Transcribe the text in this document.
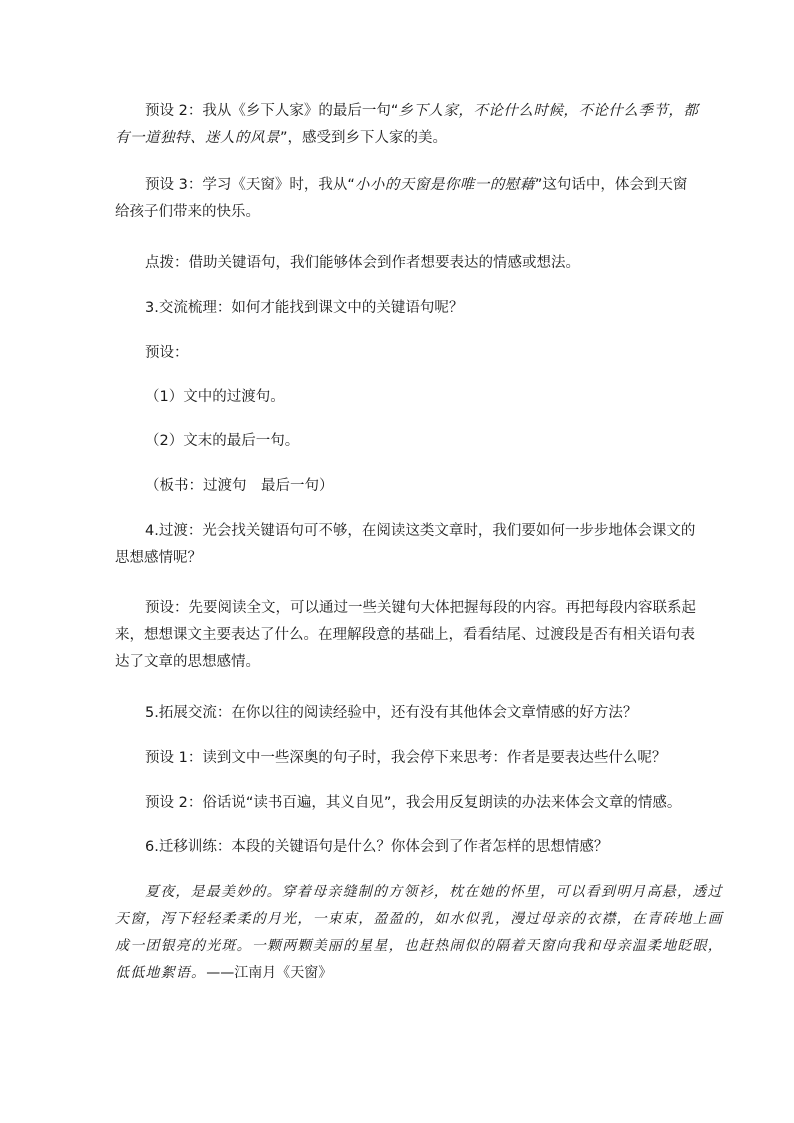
预设 2：我从《乡下人家》的最后一句“乡下人家，不论什么时候，不论什么季节，都
有一道独特、迷人的风景”，感受到乡下人家的美。
预设 3：学习《天窗》时，我从“小小的天窗是你唯一的慰藉”这句话中，体会到天窗
给孩子们带来的快乐。
点拨：借助关键语句，我们能够体会到作者想要表达的情感或想法。
3.交流梳理：如何才能找到课文中的关键语句呢？
预设：
（1）文中的过渡句。
（2）文末的最后一句。
（板书：过渡句　最后一句）
4.过渡：光会找关键语句可不够，在阅读这类文章时，我们要如何一步步地体会课文的
思想感情呢？
预设：先要阅读全文，可以通过一些关键句大体把握每段的内容。再把每段内容联系起
来，想想课文主要表达了什么。在理解段意的基础上，看看结尾、过渡段是否有相关语句表
达了文章的思想感情。
5.拓展交流：在你以往的阅读经验中，还有没有其他体会文章情感的好方法？
预设 1：读到文中一些深奥的句子时，我会停下来思考：作者是要表达些什么呢？
预设 2：俗话说“读书百遍，其义自见”，我会用反复朗读的办法来体会文章的情感。
6.迁移训练：本段的关键语句是什么？你体会到了作者怎样的思想情感？
夏夜，是最美妙的。穿着母亲缝制的方领衫，枕在她的怀里，可以看到明月高悬，透过
天窗，泻下轻轻柔柔的月光，一束束，盈盈的，如水似乳，漫过母亲的衣襟，在青砖地上画
成一团银亮的光斑。一颗两颗美丽的星星，也赶热闹似的隔着天窗向我和母亲温柔地眨眼，
低低地絮语。——江南月《天窗》
